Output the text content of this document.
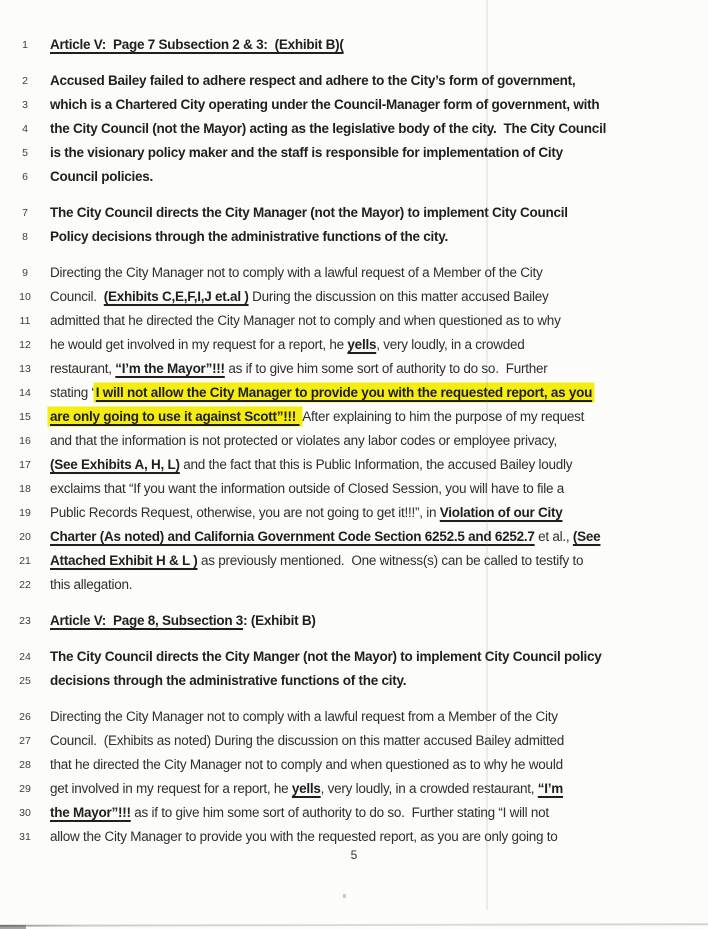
1	Article V:  Page 7 Subsection 2 & 3:  (Exhibit B)(
2	Accused Bailey failed to adhere respect and adhere to the City’s form of government,
3	which is a Chartered City operating under the Council-Manager form of government, with
4	the City Council (not the Mayor) acting as the legislative body of the city.  The City Council
5	is the visionary policy maker and the staff is responsible for implementation of City
6	Council policies.
7	The City Council directs the City Manager (not the Mayor) to implement City Council
8	Policy decisions through the administrative functions of the city.
9	Directing the City Manager not to comply with a lawful request of a Member of the City
10	Council.  (Exhibits C,E,F,I,J et.al ) During the discussion on this matter accused Bailey
11	admitted that he directed the City Manager not to comply and when questioned as to why
12	he would get involved in my request for a report, he yells, very loudly, in a crowded
13	restaurant, “I’m the Mayor”!!! as if to give him some sort of authority to do so.  Further
14	stating “I will not allow the City Manager to provide you with the requested report, as you
15	are only going to use it against Scott”!!!  After explaining to him the purpose of my request
16	and that the information is not protected or violates any labor codes or employee privacy,
17	(See Exhibits A, H, L) and the fact that this is Public Information, the accused Bailey loudly
18	exclaims that “If you want the information outside of Closed Session, you will have to file a
19	Public Records Request, otherwise, you are not going to get it!!!”, in Violation of our City
20	Charter (As noted) and California Government Code Section 6252.5 and 6252.7 et al., (See
21	Attached Exhibit H & L ) as previously mentioned.  One witness(s) can be called to testify to
22	this allegation.
23	Article V:  Page 8, Subsection 3: (Exhibit B)
24	The City Council directs the City Manger (not the Mayor) to implement City Council policy
25	decisions through the administrative functions of the city.
26	Directing the City Manager not to comply with a lawful request from a Member of the City
27	Council.  (Exhibits as noted) During the discussion on this matter accused Bailey admitted
28	that he directed the City Manager not to comply and when questioned as to why he would
29	get involved in my request for a report, he yells, very loudly, in a crowded restaurant, “I’m
30	the Mayor”!!! as if to give him some sort of authority to do so.  Further stating “I will not
31	allow the City Manager to provide you with the requested report, as you are only going to
5
